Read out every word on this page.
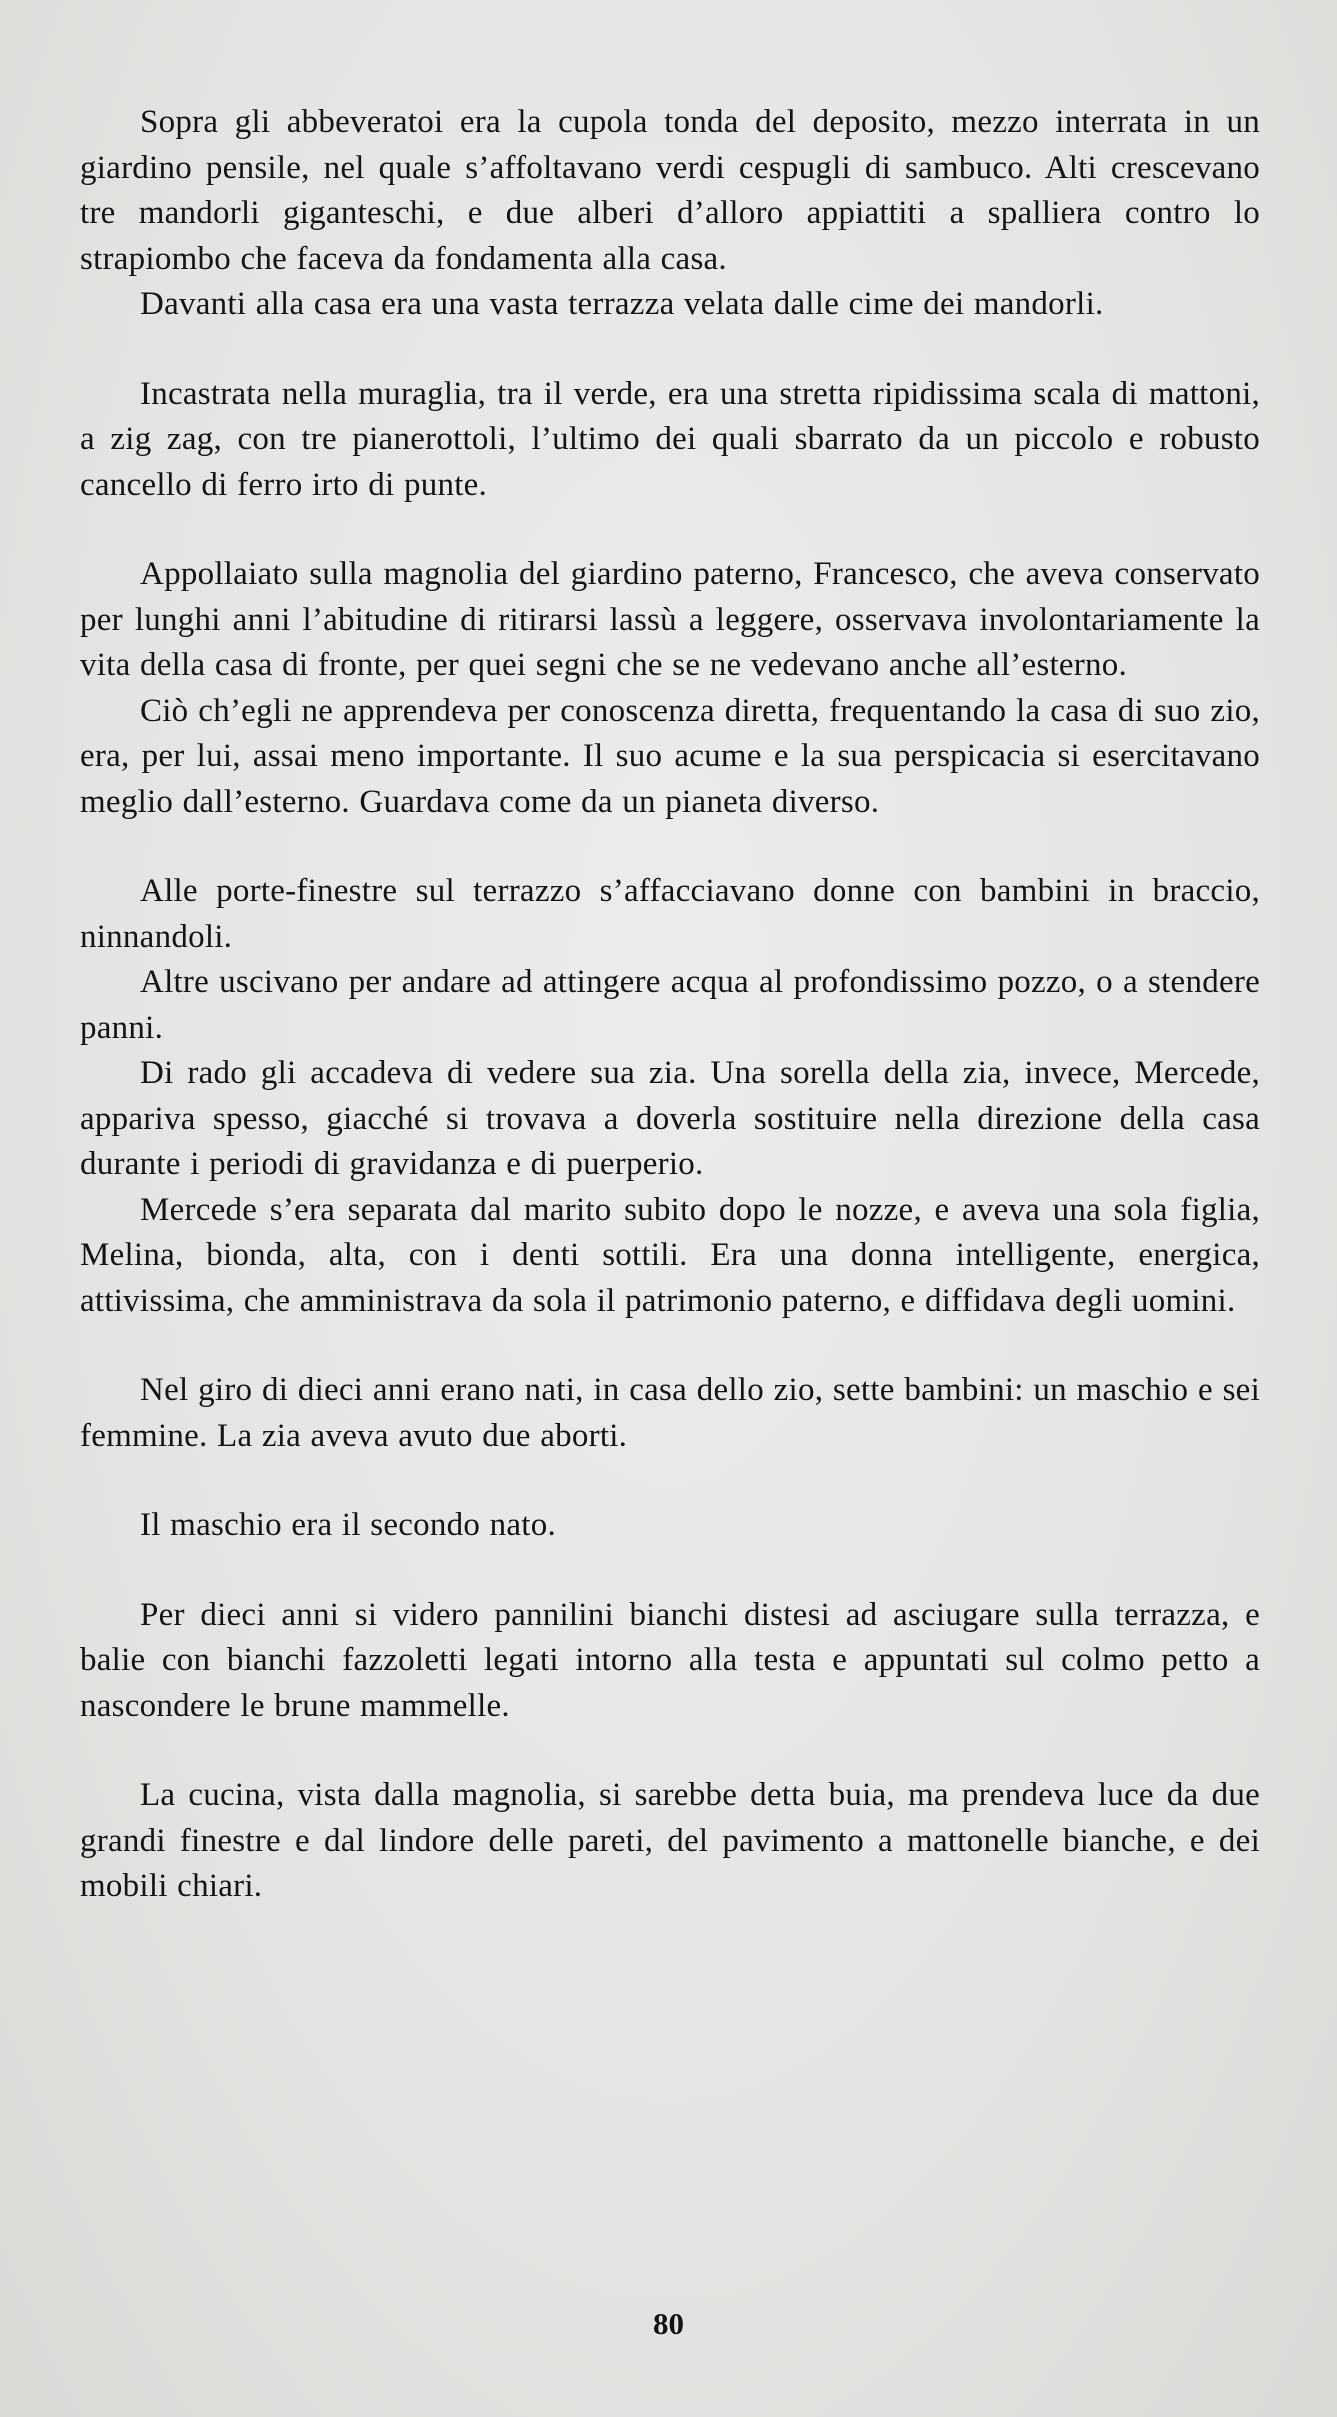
Sopra gli abbeveratoi era la cupola tonda del deposito, mezzo interrata in un giardino pensile, nel quale s’affoltavano verdi cespugli di sambuco. Alti crescevano tre mandorli giganteschi, e due alberi d’alloro appiattiti a spalliera contro lo strapiombo che faceva da fondamenta alla casa.

Davanti alla casa era una vasta terrazza velata dalle cime dei mandorli.

Incastrata nella muraglia, tra il verde, era una stretta ripidissima scala di mattoni, a zig zag, con tre pianerottoli, l’ultimo dei quali sbarrato da un piccolo e robusto cancello di ferro irto di punte.

Appollaiato sulla magnolia del giardino paterno, Francesco, che aveva conservato per lunghi anni l’abitudine di ritirarsi lassù a leggere, osservava involontariamente la vita della casa di fronte, per quei segni che se ne vedevano anche all’esterno.

Ciò ch’egli ne apprendeva per conoscenza diretta, frequentando la casa di suo zio, era, per lui, assai meno importante. Il suo acume e la sua perspicacia si esercitavano meglio dall’esterno. Guardava come da un pianeta diverso.

Alle porte-finestre sul terrazzo s’affacciavano donne con bambini in braccio, ninnandoli.

Altre uscivano per andare ad attingere acqua al profondissimo pozzo, o a stendere panni.

Di rado gli accadeva di vedere sua zia. Una sorella della zia, invece, Mercede, appariva spesso, giacché si trovava a doverla sostituire nella direzione della casa durante i periodi di gravidanza e di puerperio.

Mercede s’era separata dal marito subito dopo le nozze, e aveva una sola figlia, Melina, bionda, alta, con i denti sottili. Era una donna intelligente, energica, attivissima, che amministrava da sola il patrimonio paterno, e diffidava degli uomini.

Nel giro di dieci anni erano nati, in casa dello zio, sette bambini: un maschio e sei femmine. La zia aveva avuto due aborti.

Il maschio era il secondo nato.

Per dieci anni si videro pannilini bianchi distesi ad asciugare sulla terrazza, e balie con bianchi fazzoletti legati intorno alla testa e appuntati sul colmo petto a nascondere le brune mammelle.

La cucina, vista dalla magnolia, si sarebbe detta buia, ma prendeva luce da due grandi finestre e dal lindore delle pareti, del pavimento a mattonelle bianche, e dei mobili chiari.

80
